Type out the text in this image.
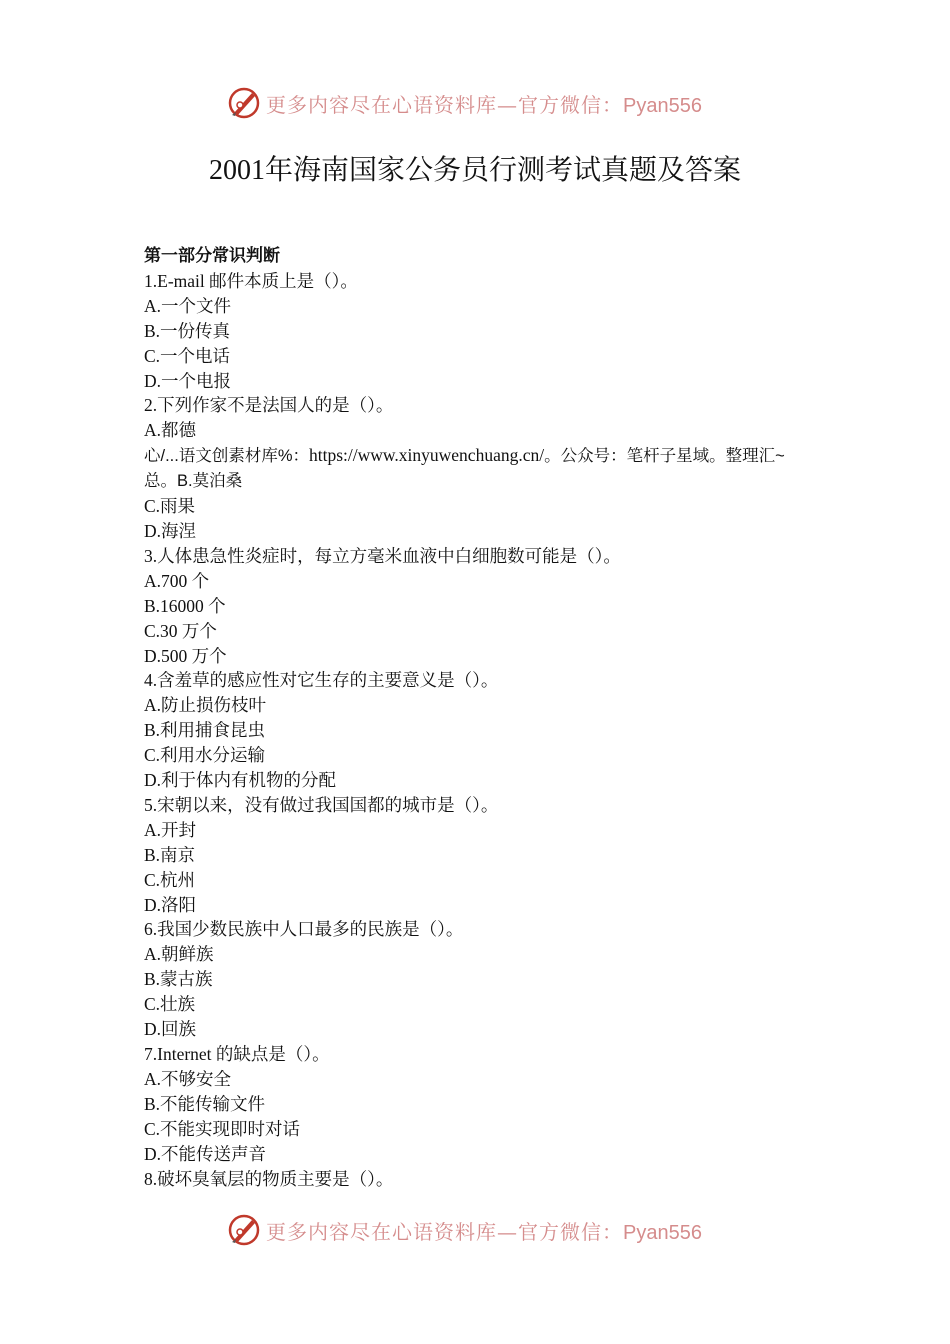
更多内容尽在心语资料库—官方微信：Pyan556
2001年海南国家公务员行测考试真题及答案
第一部分常识判断
1.E-mail 邮件本质上是（）。
A.一个文件
B.一份传真
C.一个电话
D.一个电报
2.下列作家不是法国人的是（）。
A.都德
心/...语文创素材库%：https://www.xinyuwenchuang.cn/。公众号：笔杆子星域。整理汇~总。B.莫泊桑
C.雨果
D.海涅
3.人体患急性炎症时，每立方毫米血液中白细胞数可能是（）。
A.700 个
B.16000 个
C.30 万个
D.500 万个
4.含羞草的感应性对它生存的主要意义是（）。
A.防止损伤枝叶
B.利用捕食昆虫
C.利用水分运输
D.利于体内有机物的分配
5.宋朝以来，没有做过我国国都的城市是（）。
A.开封
B.南京
C.杭州
D.洛阳
6.我国少数民族中人口最多的民族是（）。
A.朝鲜族
B.蒙古族
C.壮族
D.回族
7.Internet 的缺点是（）。
A.不够安全
B.不能传输文件
C.不能实现即时对话
D.不能传送声音
8.破坏臭氧层的物质主要是（）。
更多内容尽在心语资料库—官方微信：Pyan556
